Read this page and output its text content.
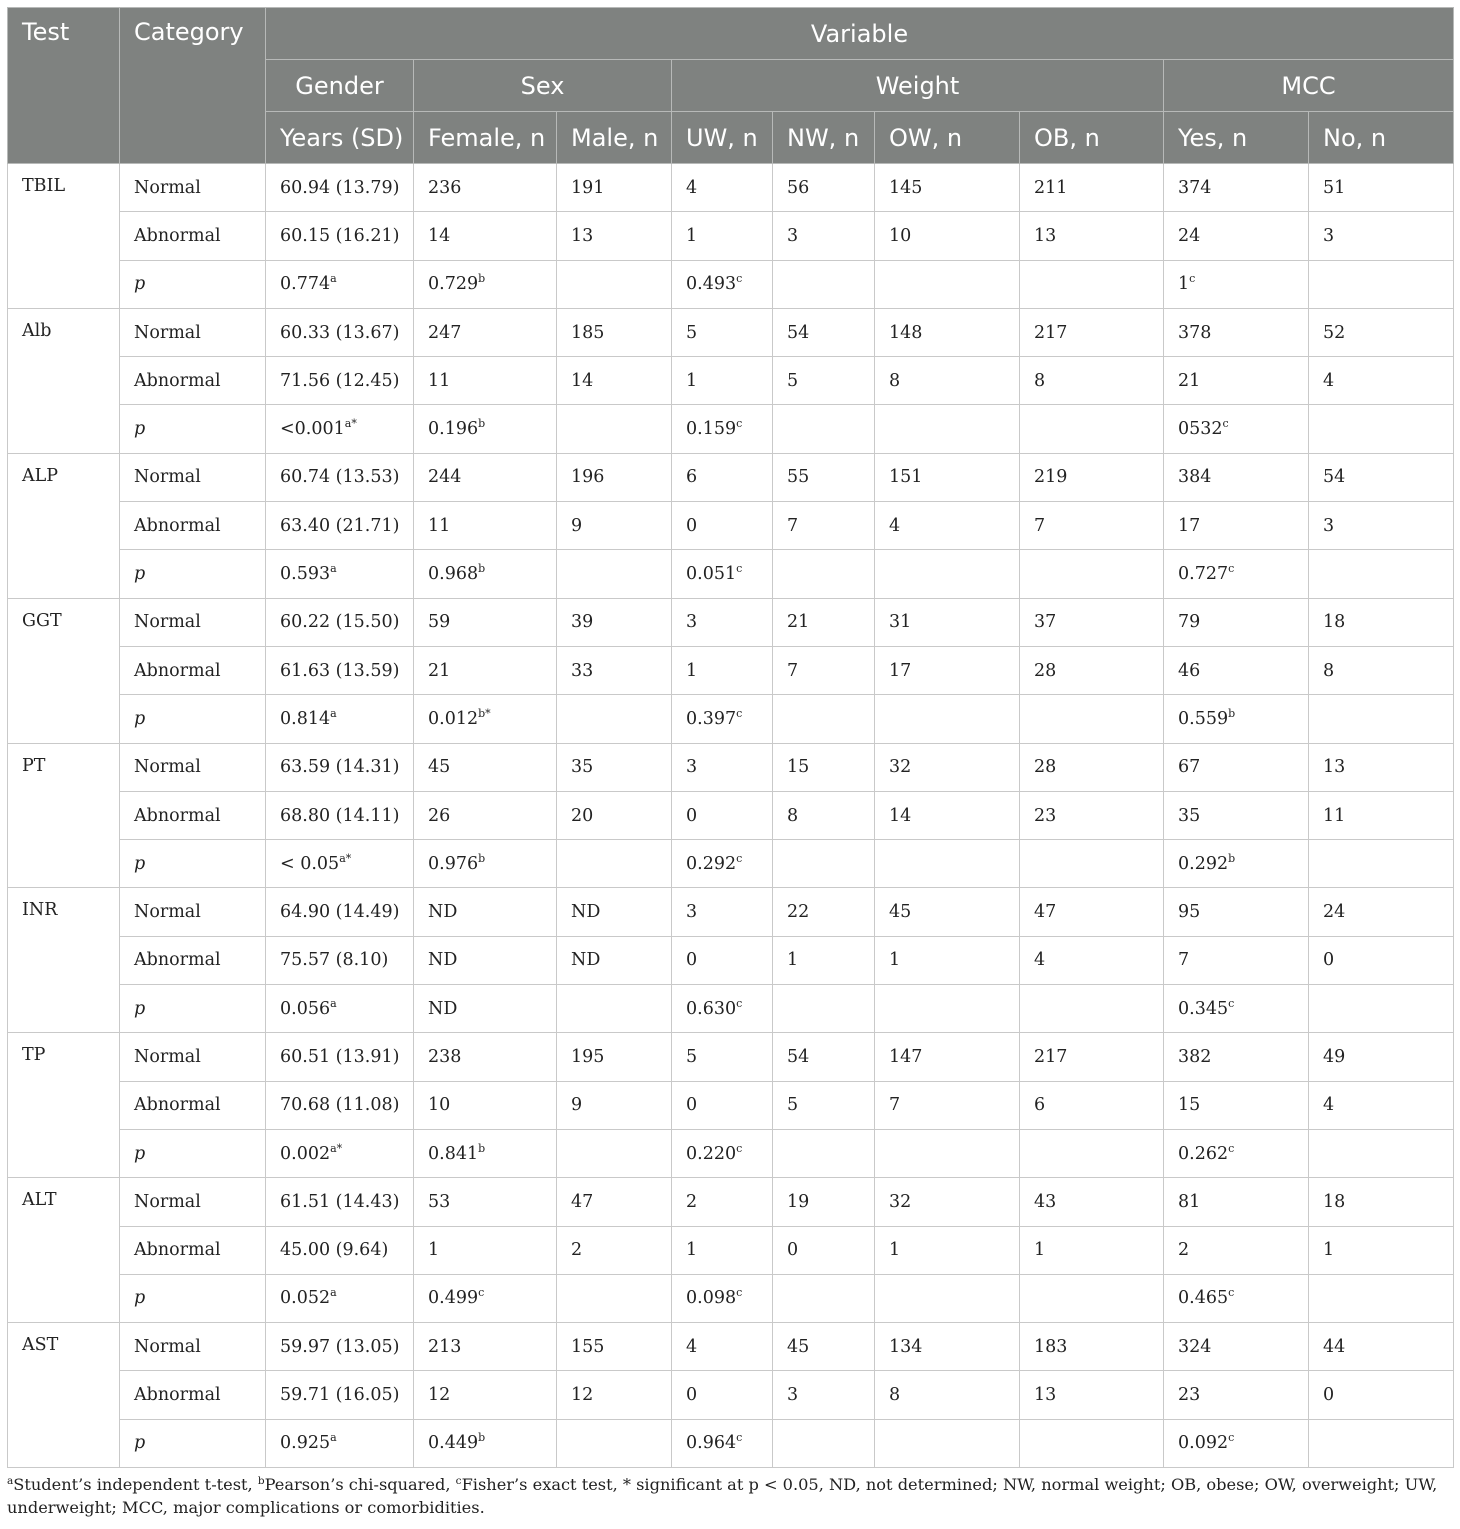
Test	Category	Variable								
		Gender	Sex		Weight				MCC	
		Years (SD)	Female, n	Male, n	UW, n	NW, n	OW, n	OB, n	Yes, n	No, n
TBIL	Normal	60.94 (13.79)	236	191	4	56	145	211	374	51
	Abnormal	60.15 (16.21)	14	13	1	3	10	13	24	3
	p	0.774$^a$	0.729$^b$		0.493$^c$				1$^c$	
Alb	Normal	60.33 (13.67)	247	185	5	54	148	217	378	52
	Abnormal	71.56 (12.45)	11	14	1	5	8	8	21	4
	p	$<0.001^{a*}$	0.196$^b$		0.159$^c$				0532$^c$	
ALP	Normal	60.74 (13.53)	244	196	6	55	151	219	384	54
	Abnormal	63.40 (21.71)	11	9	0	7	4	7	17	3
	p	0.593$^a$	0.968$^b$		0.051$^c$				0.727$^c$	
GGT	Normal	60.22 (15.50)	59	39	3	21	31	37	79	18
	Abnormal	61.63 (13.59)	21	33	1	7	17	28	46	8
	p	0.814$^a$	$0.012^{b*}$		0.397$^c$				0.559$^b$	
PT	Normal	63.59 (14.31)	45	35	3	15	32	28	67	13
	Abnormal	68.80 (14.11)	26	20	0	8	14	23	35	11
	p	< $0.05^{a*}$	0.976$^b$		0.292$^c$				0.292$^b$	
INR	Normal	64.90 (14.49)	ND	ND	3	22	45	47	95	24
	Abnormal	75.57 (8.10)	ND	ND	0	1	1	4	7	0
	p	0.056$^a$	ND		0.630$^c$				0.345$^c$	
TP	Normal	60.51 (13.91)	238	195	5	54	147	217	382	49
	Abnormal	70.68 (11.08)	10	9	0	5	7	6	15	4
	p	$0.002^{a*}$	0.841$^b$		0.220$^c$				0.262$^c$	
ALT	Normal	61.51 (14.43)	53	47	2	19	32	43	81	18
	Abnormal	45.00 (9.64)	1	2	1	0	1	1	2	1
	p	0.052$^a$	0.499$^c$		0.098$^c$				0.465$^c$	
AST	Normal	59.97 (13.05)	213	155	4	45	134	183	324	44
	Abnormal	59.71 (16.05)	12	12	0	3	8	13	23	0
	p	0.925$^a$	0.449$^b$		0.964$^c$				0.092$^c$	
$^a$Student’s independent t-test, $^b$Pearson’s chi-squared, $^c$Fisher’s exact test, * significant at p < 0.05, ND, not determined; NW, normal weight; OB, obese; OW, overweight; UW, underweight; MCC, major complications or comorbidities.
